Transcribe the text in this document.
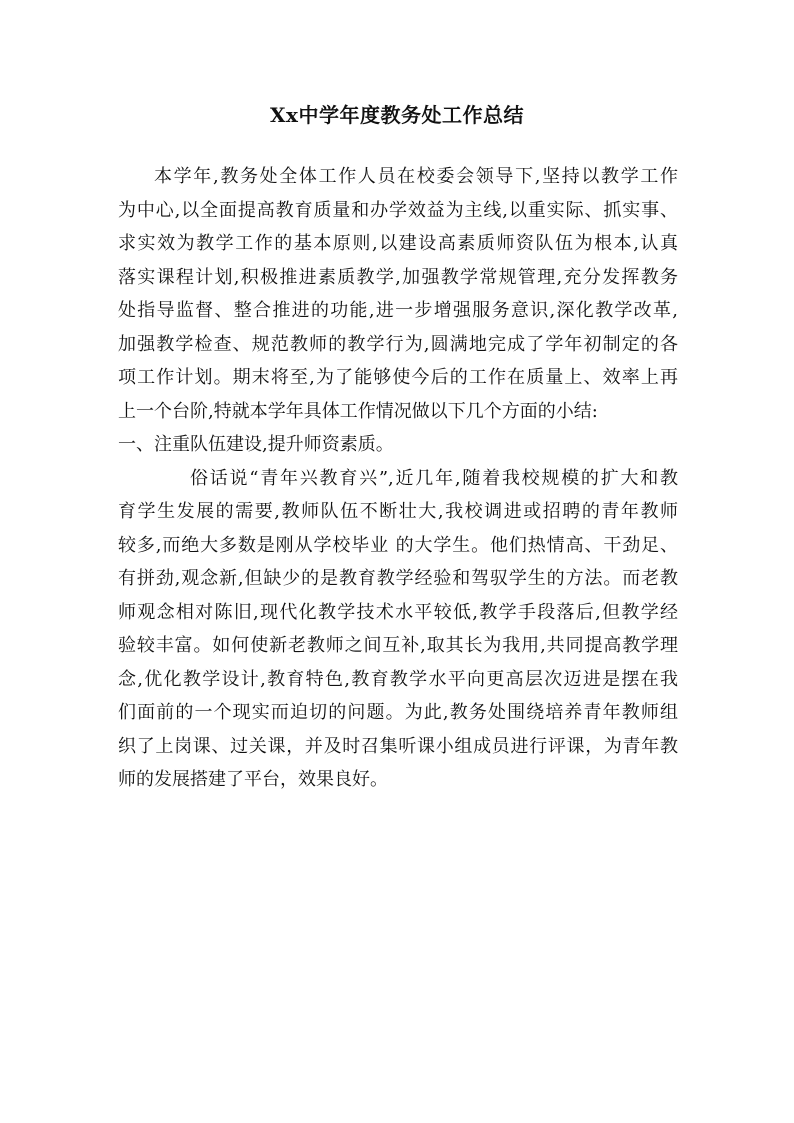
Xx中学年度教务处工作总结
本学年,教务处全体工作人员在校委会领导下,坚持以教学工作
为中心,以全面提高教育质量和办学效益为主线,以重实际、抓实事、
求实效为教学工作的基本原则,以建设高素质师资队伍为根本,认真
落实课程计划,积极推进素质教学,加强教学常规管理,充分发挥教务
处指导监督、整合推进的功能,进一步增强服务意识,深化教学改革,
加强教学检查、规范教师的教学行为,圆满地完成了学年初制定的各
项工作计划。期末将至,为了能够使今后的工作在质量上、效率上再
上一个台阶,特就本学年具体工作情况做以下几个方面的小结:
一、注重队伍建设,提升师资素质。
俗话说“青年兴教育兴”,近几年,随着我校规模的扩大和教
育学生发展的需要,教师队伍不断壮大,我校调进或招聘的青年教师
较多,而绝大多数是刚从学校毕业 的大学生。他们热情高、干劲足、
有拼劲,观念新,但缺少的是教育教学经验和驾驭学生的方法。而老教
师观念相对陈旧,现代化教学技术水平较低,教学手段落后,但教学经
验较丰富。如何使新老教师之间互补,取其长为我用,共同提高教学理
念,优化教学设计,教育特色,教育教学水平向更高层次迈进是摆在我
们面前的一个现实而迫切的问题。为此,教务处围绕培养青年教师组
织了上岗课、过关课，并及时召集听课小组成员进行评课，为青年教
师的发展搭建了平台，效果良好。
